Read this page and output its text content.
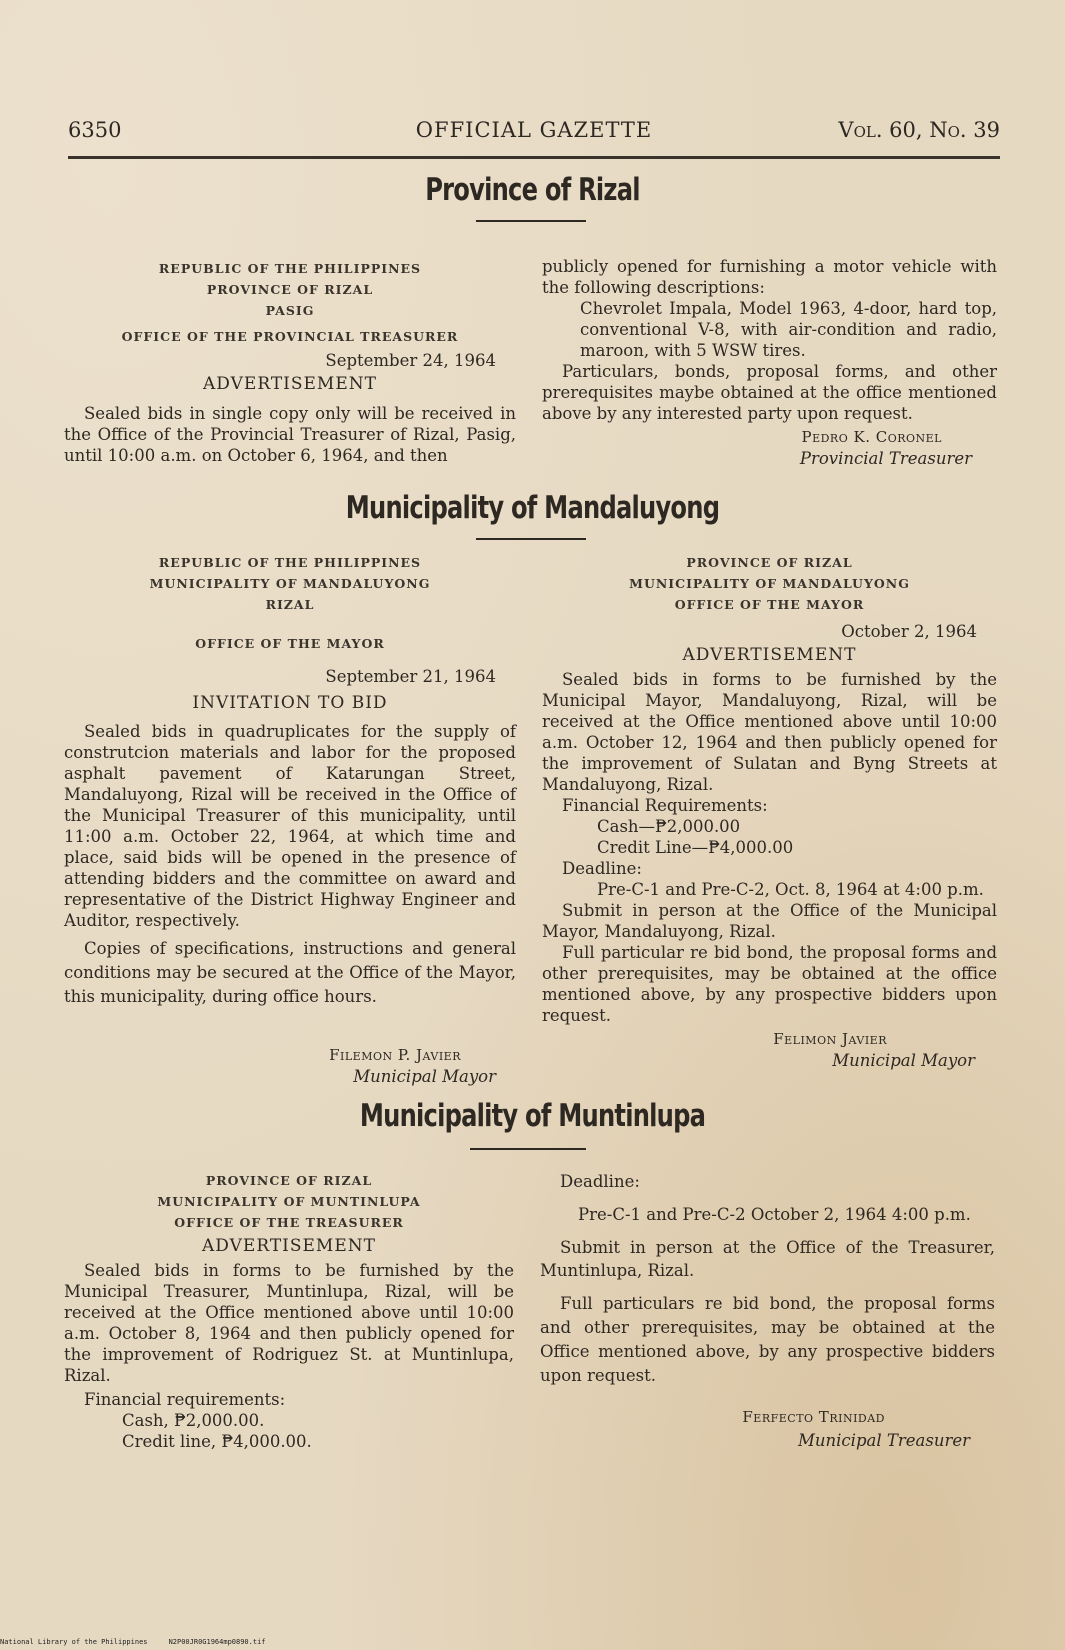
6350	OFFICIAL GAZETTE	Vol. 60, No. 39
Province of Rizal
REPUBLIC OF THE PHILIPPINES
PROVINCE OF RIZAL
PASIG
OFFICE OF THE PROVINCIAL TREASURER
September 24, 1964
ADVERTISEMENT

Sealed bids in single copy only will be received in the Office of the Provincial Treasurer of Rizal, Pasig, until 10:00 a.m. on October 6, 1964, and then

publicly opened for furnishing a motor vehicle with the following descriptions:

Chevrolet Impala, Model 1963, 4-door, hard top, conventional V-8, with air-condition and radio, maroon, with 5 WSW tires.

Particulars, bonds, proposal forms, and other prerequisites maybe obtained at the office mentioned above by any interested party upon request.

Pedro K. Coronel
Provincial Treasurer
Municipality of Mandaluyong
REPUBLIC OF THE PHILIPPINES
MUNICIPALITY OF MANDALUYONG
RIZAL
OFFICE OF THE MAYOR
September 21, 1964
INVITATION TO BID

Sealed bids in quadruplicates for the supply of construtcion materials and labor for the proposed asphalt pavement of Katarungan Street, Mandaluyong, Rizal will be received in the Office of the Municipal Treasurer of this municipality, until 11:00 a.m. October 22, 1964, at which time and place, said bids will be opened in the presence of attending bidders and the committee on award and representative of the District Highway Engineer and Auditor, respectively.

Copies of specifications, instructions and general conditions may be secured at the Office of the Mayor, this municipality, during office hours.

Filemon P. Javier
Municipal Mayor
PROVINCE OF RIZAL
MUNICIPALITY OF MANDALUYONG
OFFICE OF THE MAYOR
October 2, 1964
ADVERTISEMENT

Sealed bids in forms to be furnished by the Municipal Mayor, Mandaluyong, Rizal, will be received at the Office mentioned above until 10:00 a.m. October 12, 1964 and then publicly opened for the improvement of Sulatan and Byng Streets at Mandaluyong, Rizal.

Financial Requirements:
Cash—₱2,000.00
Credit Line—₱4,000.00
Deadline:

Pre-C-1 and Pre-C-2, Oct. 8, 1964 at 4:00 p.m.

Submit in person at the Office of the Municipal Mayor, Mandaluyong, Rizal.

Full particular re bid bond, the proposal forms and other prerequisites, may be obtained at the office mentioned above, by any prospective bidders upon request.

Felimon Javier
Municipal Mayor
Municipality of Muntinlupa
PROVINCE OF RIZAL
MUNICIPALITY OF MUNTINLUPA
OFFICE OF THE TREASURER
ADVERTISEMENT

Sealed bids in forms to be furnished by the Municipal Treasurer, Muntinlupa, Rizal, will be received at the Office mentioned above until 10:00 a.m. October 8, 1964 and then publicly opened for the improvement of Rodriguez St. at Muntinlupa, Rizal.

Financial requirements:
Cash, ₱2,000.00.
Credit line, ₱4,000.00.
Deadline:

Pre-C-1 and Pre-C-2 October 2, 1964 4:00 p.m.

Submit in person at the Office of the Treasurer, Muntinlupa, Rizal.

Full particulars re bid bond, the proposal forms and other prerequisites, may be obtained at the Office mentioned above, by any prospective bidders upon request.

Ferfecto Trinidad
Municipal Treasurer
National Library of the Philippines     N2P00JR0G1964mp0890.tif
